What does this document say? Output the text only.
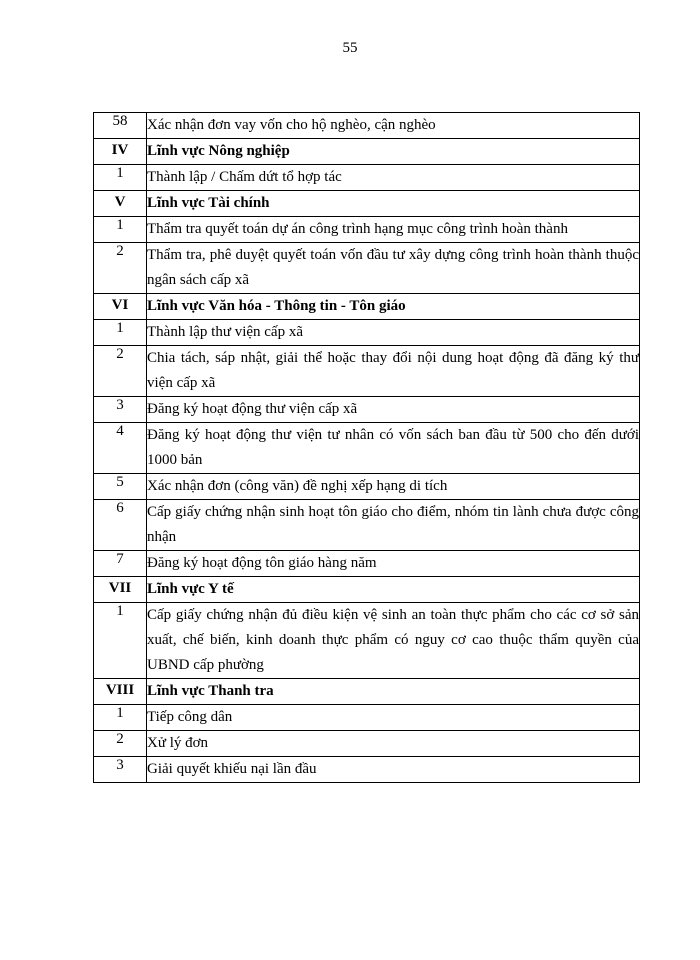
55
58	Xác nhận đơn vay vốn cho hộ nghèo, cận nghèo
IV	Lĩnh vực Nông nghiệp
1	Thành lập / Chấm dứt tổ hợp tác
V	Lĩnh vực Tài chính
1	Thẩm tra quyết toán dự án công trình hạng mục công trình hoàn thành
2	Thẩm tra, phê duyệt quyết toán vốn đầu tư xây dựng công trình hoàn thành thuộc ngân sách cấp xã
VI	Lĩnh vực Văn hóa - Thông tin - Tôn giáo
1	Thành lập thư viện cấp xã
2	Chia tách, sáp nhật, giải thể hoặc thay đổi nội dung hoạt động đã đăng ký thư viện cấp xã
3	Đăng ký hoạt động thư viện cấp xã
4	Đăng ký hoạt động thư viện tư nhân có vốn sách ban đầu từ 500 cho đến dưới 1000 bản
5	Xác nhận đơn (công văn) đề nghị xếp hạng di tích
6	Cấp giấy chứng nhận sinh hoạt tôn giáo cho điểm, nhóm tin lành chưa được công nhận
7	Đăng ký hoạt động tôn giáo hàng năm
VII	Lĩnh vực Y tế
1	Cấp giấy chứng nhận đủ điều kiện vệ sinh an toàn thực phẩm cho các cơ sở sản xuất, chế biến, kinh doanh thực phẩm có nguy cơ cao thuộc thẩm quyền của UBND cấp phường
VIII	Lĩnh vực Thanh tra
1	Tiếp công dân
2	Xử lý đơn
3	Giải quyết khiếu nại lần đầu
